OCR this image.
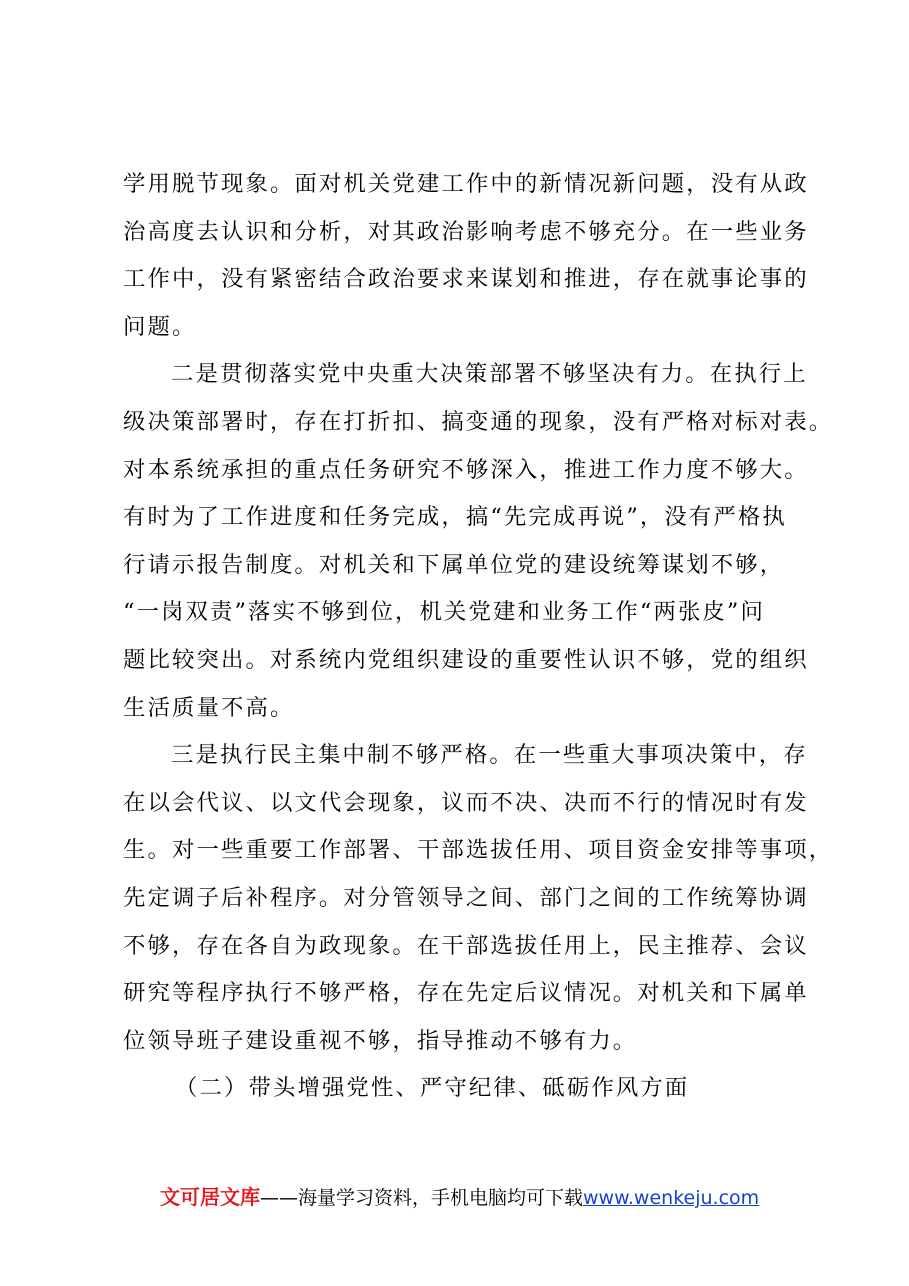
学用脱节现象。面对机关党建工作中的新情况新问题，没有从政
治高度去认识和分析，对其政治影响考虑不够充分。在一些业务
工作中，没有紧密结合政治要求来谋划和推进，存在就事论事的
问题。

二是贯彻落实党中央重大决策部署不够坚决有力。在执行上
级决策部署时，存在打折扣、搞变通的现象，没有严格对标对表。
对本系统承担的重点任务研究不够深入，推进工作力度不够大。
有时为了工作进度和任务完成，搞“先完成再说”，没有严格执
行请示报告制度。对机关和下属单位党的建设统筹谋划不够，
“一岗双责”落实不够到位，机关党建和业务工作“两张皮”问
题比较突出。对系统内党组织建设的重要性认识不够，党的组织
生活质量不高。

三是执行民主集中制不够严格。在一些重大事项决策中，存
在以会代议、以文代会现象，议而不决、决而不行的情况时有发
生。对一些重要工作部署、干部选拔任用、项目资金安排等事项，
先定调子后补程序。对分管领导之间、部门之间的工作统筹协调
不够，存在各自为政现象。在干部选拔任用上，民主推荐、会议
研究等程序执行不够严格，存在先定后议情况。对机关和下属单
位领导班子建设重视不够，指导推动不够有力。

（二）带头增强党性、严守纪律、砥砺作风方面

文可居文库——海量学习资料，手机电脑均可下载www.wenkeju.com
